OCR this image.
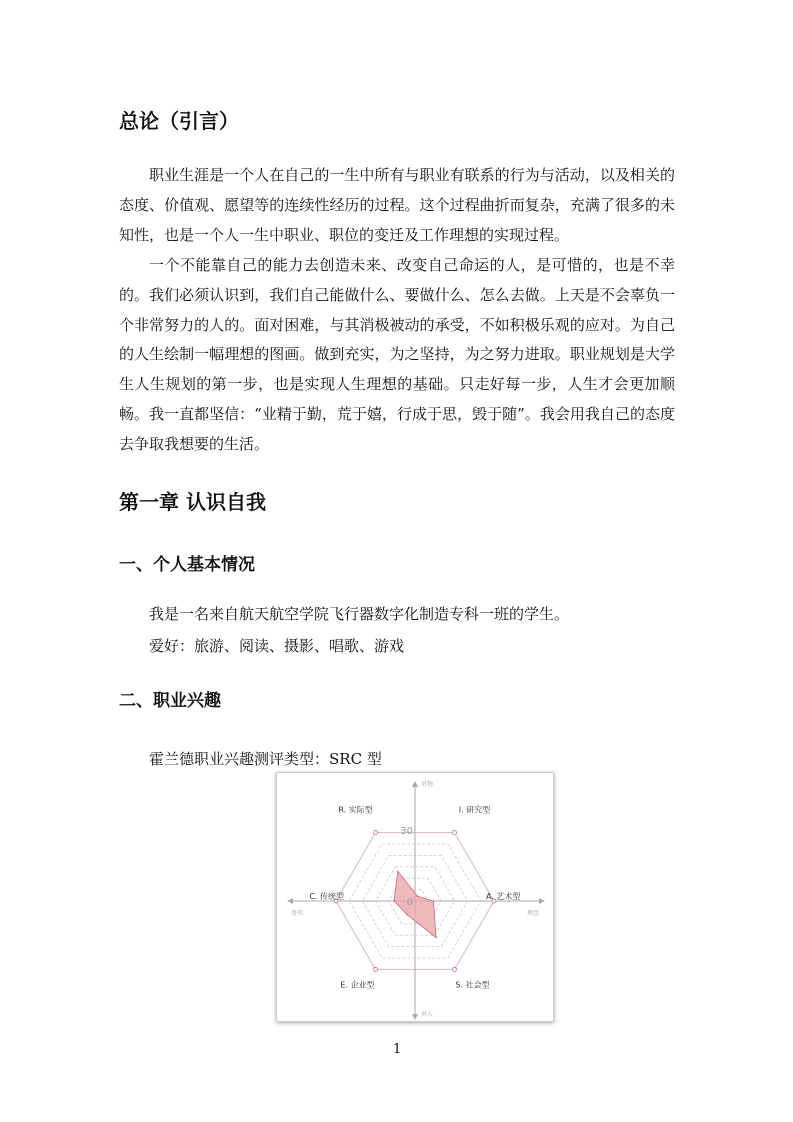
总论（引言）

职业生涯是一个人在自己的一生中所有与职业有联系的行为与活动，以及相关的态度、价值观、愿望等的连续性经历的过程。这个过程曲折而复杂，充满了很多的未知性，也是一个人一生中职业、职位的变迁及工作理想的实现过程。

一个不能靠自己的能力去创造未来、改变自己命运的人，是可惜的，也是不幸的。我们必须认识到，我们自己能做什么、要做什么、怎么去做。上天是不会辜负一个非常努力的人的。面对困难，与其消极被动的承受，不如积极乐观的应对。为自己的人生绘制一幅理想的图画。做到充实，为之坚持，为之努力进取。职业规划是大学生人生规划的第一步，也是实现人生理想的基础。只走好每一步，人生才会更加顺畅。我一直都坚信：“业精于勤，荒于嬉，行成于思，毁于随”。我会用我自己的态度去争取我想要的生活。

第一章 认识自我
一、个人基本情况
我是一名来自航天航空学院飞行器数字化制造专科一班的学生。
爱好：旅游、阅读、摄影、唱歌、游戏
二、职业兴趣
霍兰德职业兴趣测评类型：SRC 型
R. 实际型	I. 研究型
A. 艺术型
S. 社会型
E. 企业型
C. 传统型
30
0
对物
对人
务实	理念
1
